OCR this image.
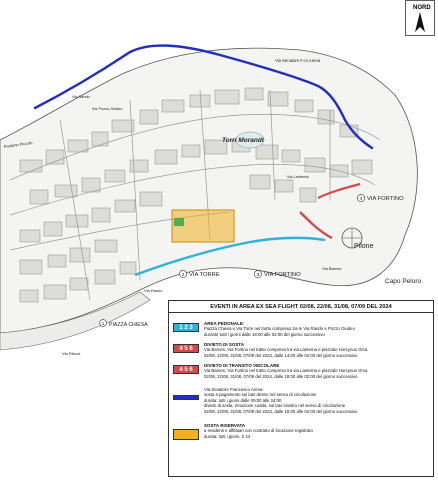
Via Senatore F.co Arena
Via Pozzo Giudeo
Via Rando
Pantano Piccolo	Torri Morandi
Via Lanterna
4 VIA FORTINO
Pilone
Capo Peloro
2 VIA TORRE	3 VIA FORTINO
Via Rando
Via Barnes
1 PIAZZA CHIESA
Via Ritoud
NORD
EVENTI IN AREA EX SEA FLIGHT 02/08, 22/08, 31/08, 07/09 DEL 2024
1 2 3
AREA PEDONALE:
Piazza Chiesa e Via Torre nel tratto compreso tra le Via Rando e Pozzo Giudeo
durante tutti i giorni dalle 18:00 alle 02:00 del giorno successivo
4 5 6
DIVIETO DI SOSTA
Via Barnes, Via Fortino nel tratto compreso tra via Lanterna e piazzale Horcynus Orca
02/08, 22/08, 31/08, 07/09 del 2024, dalle 14:00 alle 02:00 del giorno successivo
4 5 6
DIVIETO DI TRANSITO VEICOLARE
Via Barnes, Via Fortino nel tratto compreso tra via Lanterna e piazzale Horcynus Orca
02/08, 22/08, 31/08, 07/09 del 2024, dalle 18:00 alle 02:00 del giorno successivo
Via Senatore Francesco Arena:
sosta a pagamento sul lato destro nel senso di circolazione
durata: tutti i giorni dalle 09:00 alle 24:00
divieto di sosta, rimozione coatta, sul lato sinistro nel senso di circolazione
02/08, 22/08, 31/08, 07/09 del 2024, dalle 18:00 alle 02:00 del giorno successivo
SOSTA RISERVATA
a residenti e affittuari con contratto di locazione registrato
durata: tutti i giorni, h 24
